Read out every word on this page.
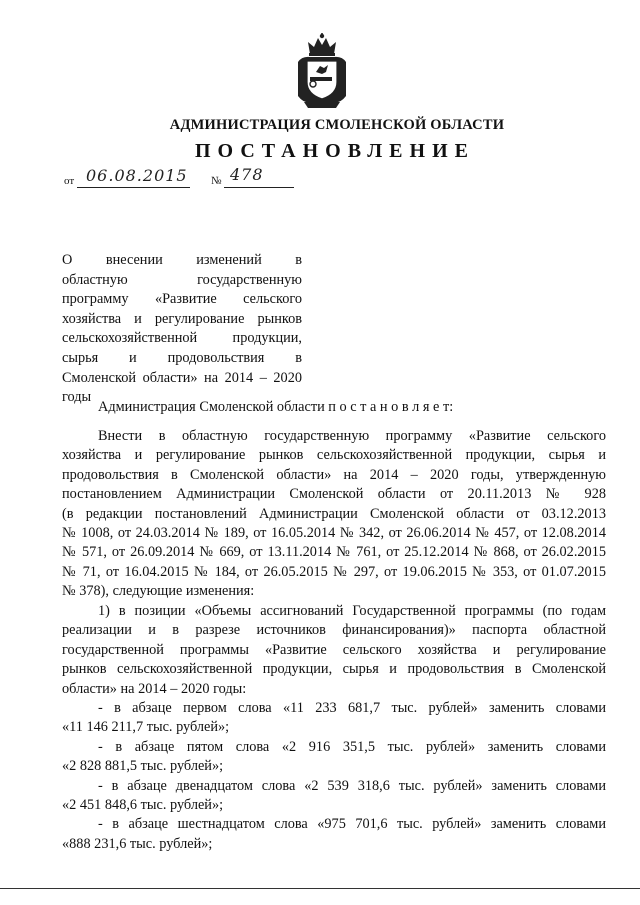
АДМИНИСТРАЦИЯ СМОЛЕНСКОЙ ОБЛАСТИ
ПОСТАНОВЛЕНИЕ
от 06.08.2015 № 478
О внесении изменений в
областную государственную
программу «Развитие сельского
хозяйства и регулирование рынков
сельскохозяйственной продукции,
сырья и продовольствия в
Смоленской области» на 2014 – 2020
годы
Администрация Смоленской области п о с т а н о в л я е т:
Внести в областную государственную программу «Развитие сельского
хозяйства и регулирование рынков сельскохозяйственной продукции, сырья и
продовольствия в Смоленской области» на 2014 – 2020 годы, утвержденную
постановлением Администрации Смоленской области от 20.11.2013 № 928
(в редакции постановлений Администрации Смоленской области от 03.12.2013
№ 1008, от 24.03.2014 № 189, от 16.05.2014 № 342, от 26.06.2014 № 457, от 12.08.2014
№ 571, от 26.09.2014 № 669, от 13.11.2014 № 761, от 25.12.2014 № 868, от 26.02.2015
№ 71, от 16.04.2015 № 184, от 26.05.2015 № 297, от 19.06.2015 № 353, от 01.07.2015
№ 378), следующие изменения:
1) в позиции «Объемы ассигнований Государственной программы (по годам
реализации и в разрезе источников финансирования)» паспорта областной
государственной программы «Развитие сельского хозяйства и регулирование
рынков сельскохозяйственной продукции, сырья и продовольствия в Смоленской
области» на 2014 – 2020 годы:
- в абзаце первом слова «11 233 681,7 тыс. рублей» заменить словами
«11 146 211,7 тыс. рублей»;
- в абзаце пятом слова «2 916 351,5 тыс. рублей» заменить словами
«2 828 881,5 тыс. рублей»;
- в абзаце двенадцатом слова «2 539 318,6 тыс. рублей» заменить словами
«2 451 848,6 тыс. рублей»;
- в абзаце шестнадцатом слова «975 701,6 тыс. рублей» заменить словами
«888 231,6 тыс. рублей»;
